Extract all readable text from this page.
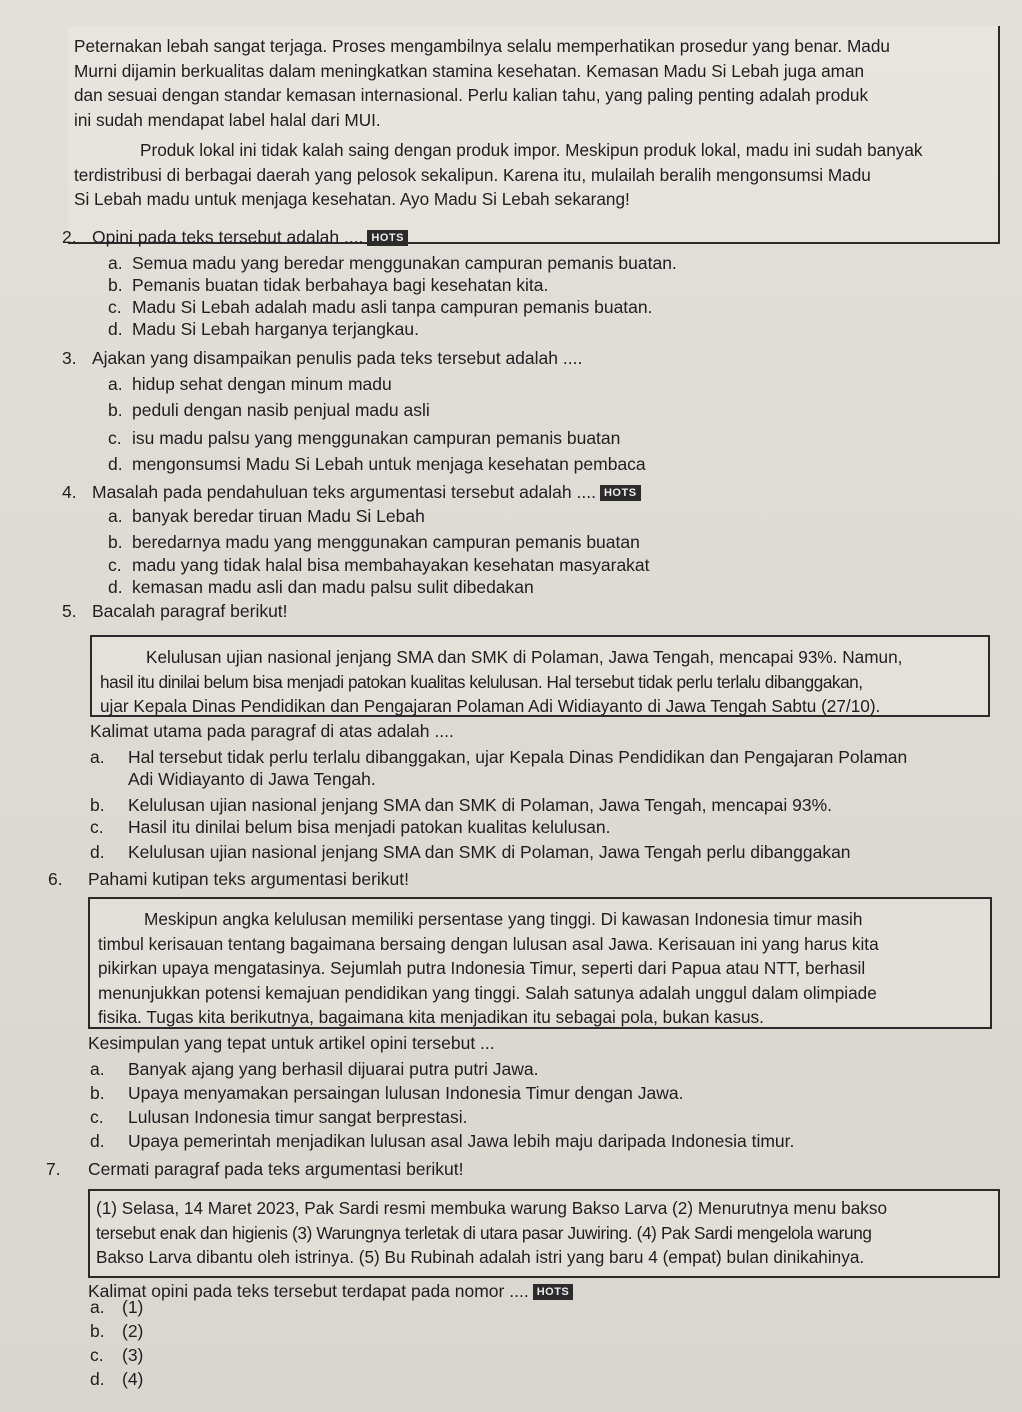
Peternakan lebah sangat terjaga. Proses mengambilnya selalu memperhatikan prosedur yang benar. Madu

Murni dijamin berkualitas dalam meningkatkan stamina kesehatan. Kemasan Madu Si Lebah juga aman

dan sesuai dengan standar kemasan internasional. Perlu kalian tahu, yang paling penting adalah produk

ini sudah mendapat label halal dari MUI.

Produk lokal ini tidak kalah saing dengan produk impor. Meskipun produk lokal, madu ini sudah banyak

terdistribusi di berbagai daerah yang pelosok sekalipun. Karena itu, mulailah beralih mengonsumsi Madu

Si Lebah madu untuk menjaga kesehatan. Ayo Madu Si Lebah sekarang!

2. Opini pada teks tersebut adalah .... HOTS
a. Semua madu yang beredar menggunakan campuran pemanis buatan.
b. Pemanis buatan tidak berbahaya bagi kesehatan kita.
c. Madu Si Lebah adalah madu asli tanpa campuran pemanis buatan.
d. Madu Si Lebah harganya terjangkau.
3. Ajakan yang disampaikan penulis pada teks tersebut adalah ....
a. hidup sehat dengan minum madu
b. peduli dengan nasib penjual madu asli
c. isu madu palsu yang menggunakan campuran pemanis buatan
d. mengonsumsi Madu Si Lebah untuk menjaga kesehatan pembaca
4. Masalah pada pendahuluan teks argumentasi tersebut adalah .... HOTS
a. banyak beredar tiruan Madu Si Lebah
b. beredarnya madu yang menggunakan campuran pemanis buatan
c. madu yang tidak halal bisa membahayakan kesehatan masyarakat
d. kemasan madu asli dan madu palsu sulit dibedakan
5. Bacalah paragraf berikut!

Kelulusan ujian nasional jenjang SMA dan SMK di Polaman, Jawa Tengah, mencapai 93%. Namun,

hasil itu dinilai belum bisa menjadi patokan kualitas kelulusan. Hal tersebut tidak perlu terlalu dibanggakan,

ujar Kepala Dinas Pendidikan dan Pengajaran Polaman Adi Widiayanto di Jawa Tengah Sabtu (27/10).

Kalimat utama pada paragraf di atas adalah ....
a. Hal tersebut tidak perlu terlalu dibanggakan, ujar Kepala Dinas Pendidikan dan Pengajaran Polaman
Adi Widiayanto di Jawa Tengah.
b. Kelulusan ujian nasional jenjang SMA dan SMK di Polaman, Jawa Tengah, mencapai 93%.
c. Hasil itu dinilai belum bisa menjadi patokan kualitas kelulusan.
d. Kelulusan ujian nasional jenjang SMA dan SMK di Polaman, Jawa Tengah perlu dibanggakan
6. Pahami kutipan teks argumentasi berikut!

Meskipun angka kelulusan memiliki persentase yang tinggi. Di kawasan Indonesia timur masih

timbul kerisauan tentang bagaimana bersaing dengan lulusan asal Jawa. Kerisauan ini yang harus kita

pikirkan upaya mengatasinya. Sejumlah putra Indonesia Timur, seperti dari Papua atau NTT, berhasil

menunjukkan potensi kemajuan pendidikan yang tinggi. Salah satunya adalah unggul dalam olimpiade

fisika. Tugas kita berikutnya, bagaimana kita menjadikan itu sebagai pola, bukan kasus.

Kesimpulan yang tepat untuk artikel opini tersebut ...
a. Banyak ajang yang berhasil dijuarai putra putri Jawa.
b. Upaya menyamakan persaingan lulusan Indonesia Timur dengan Jawa.
c. Lulusan Indonesia timur sangat berprestasi.
d. Upaya pemerintah menjadikan lulusan asal Jawa lebih maju daripada Indonesia timur.
7. Cermati paragraf pada teks argumentasi berikut!

(1) Selasa, 14 Maret 2023, Pak Sardi resmi membuka warung Bakso Larva (2) Menurutnya menu bakso

tersebut enak dan higienis (3) Warungnya terletak di utara pasar Juwiring. (4) Pak Sardi mengelola warung

Bakso Larva dibantu oleh istrinya. (5) Bu Rubinah adalah istri yang baru 4 (empat) bulan dinikahinya.

Kalimat opini pada teks tersebut terdapat pada nomor .... HOTS
a. (1)
b. (2)
c. (3)
d. (4)
